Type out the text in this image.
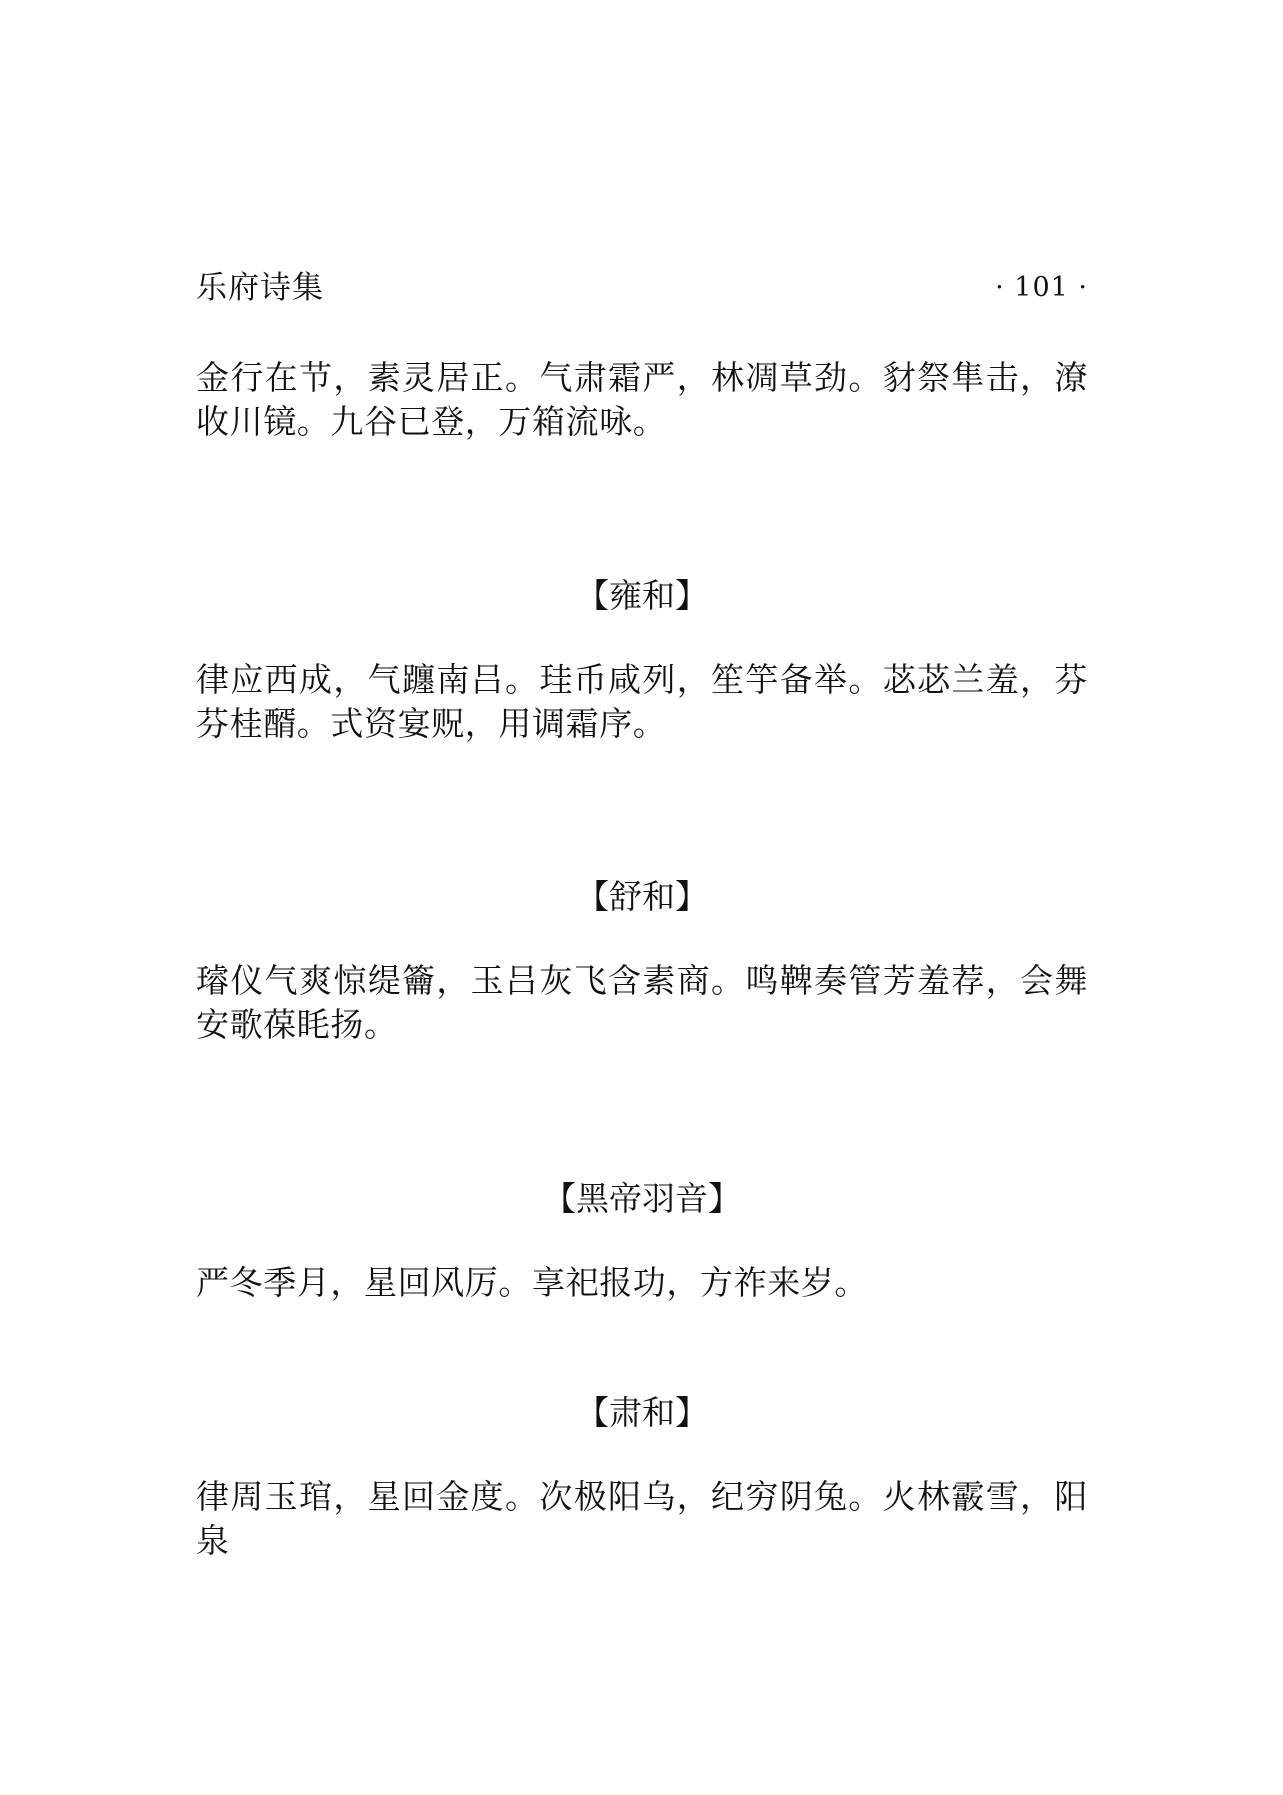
乐府诗集	· 101 ·

金行在节，素灵居正。气肃霜严，林凋草劲。豺祭隼击，潦收川镜。九谷已登，万箱流咏。

【雍和】

律应西成，气躔南吕。珪币咸列，笙竽备举。苾苾兰羞，芬芬桂醑。式资宴贶，用调霜序。

【舒和】

璿仪气爽惊缇籥，玉吕灰飞含素商。鸣鞞奏管芳羞荐，会舞安歌葆眊扬。

【黑帝羽音】

严冬季月，星回风厉。享祀报功，方祚来岁。

【肃和】

律周玉琯，星回金度。次极阳乌，纪穷阴兔。火林霰雪，阳泉
